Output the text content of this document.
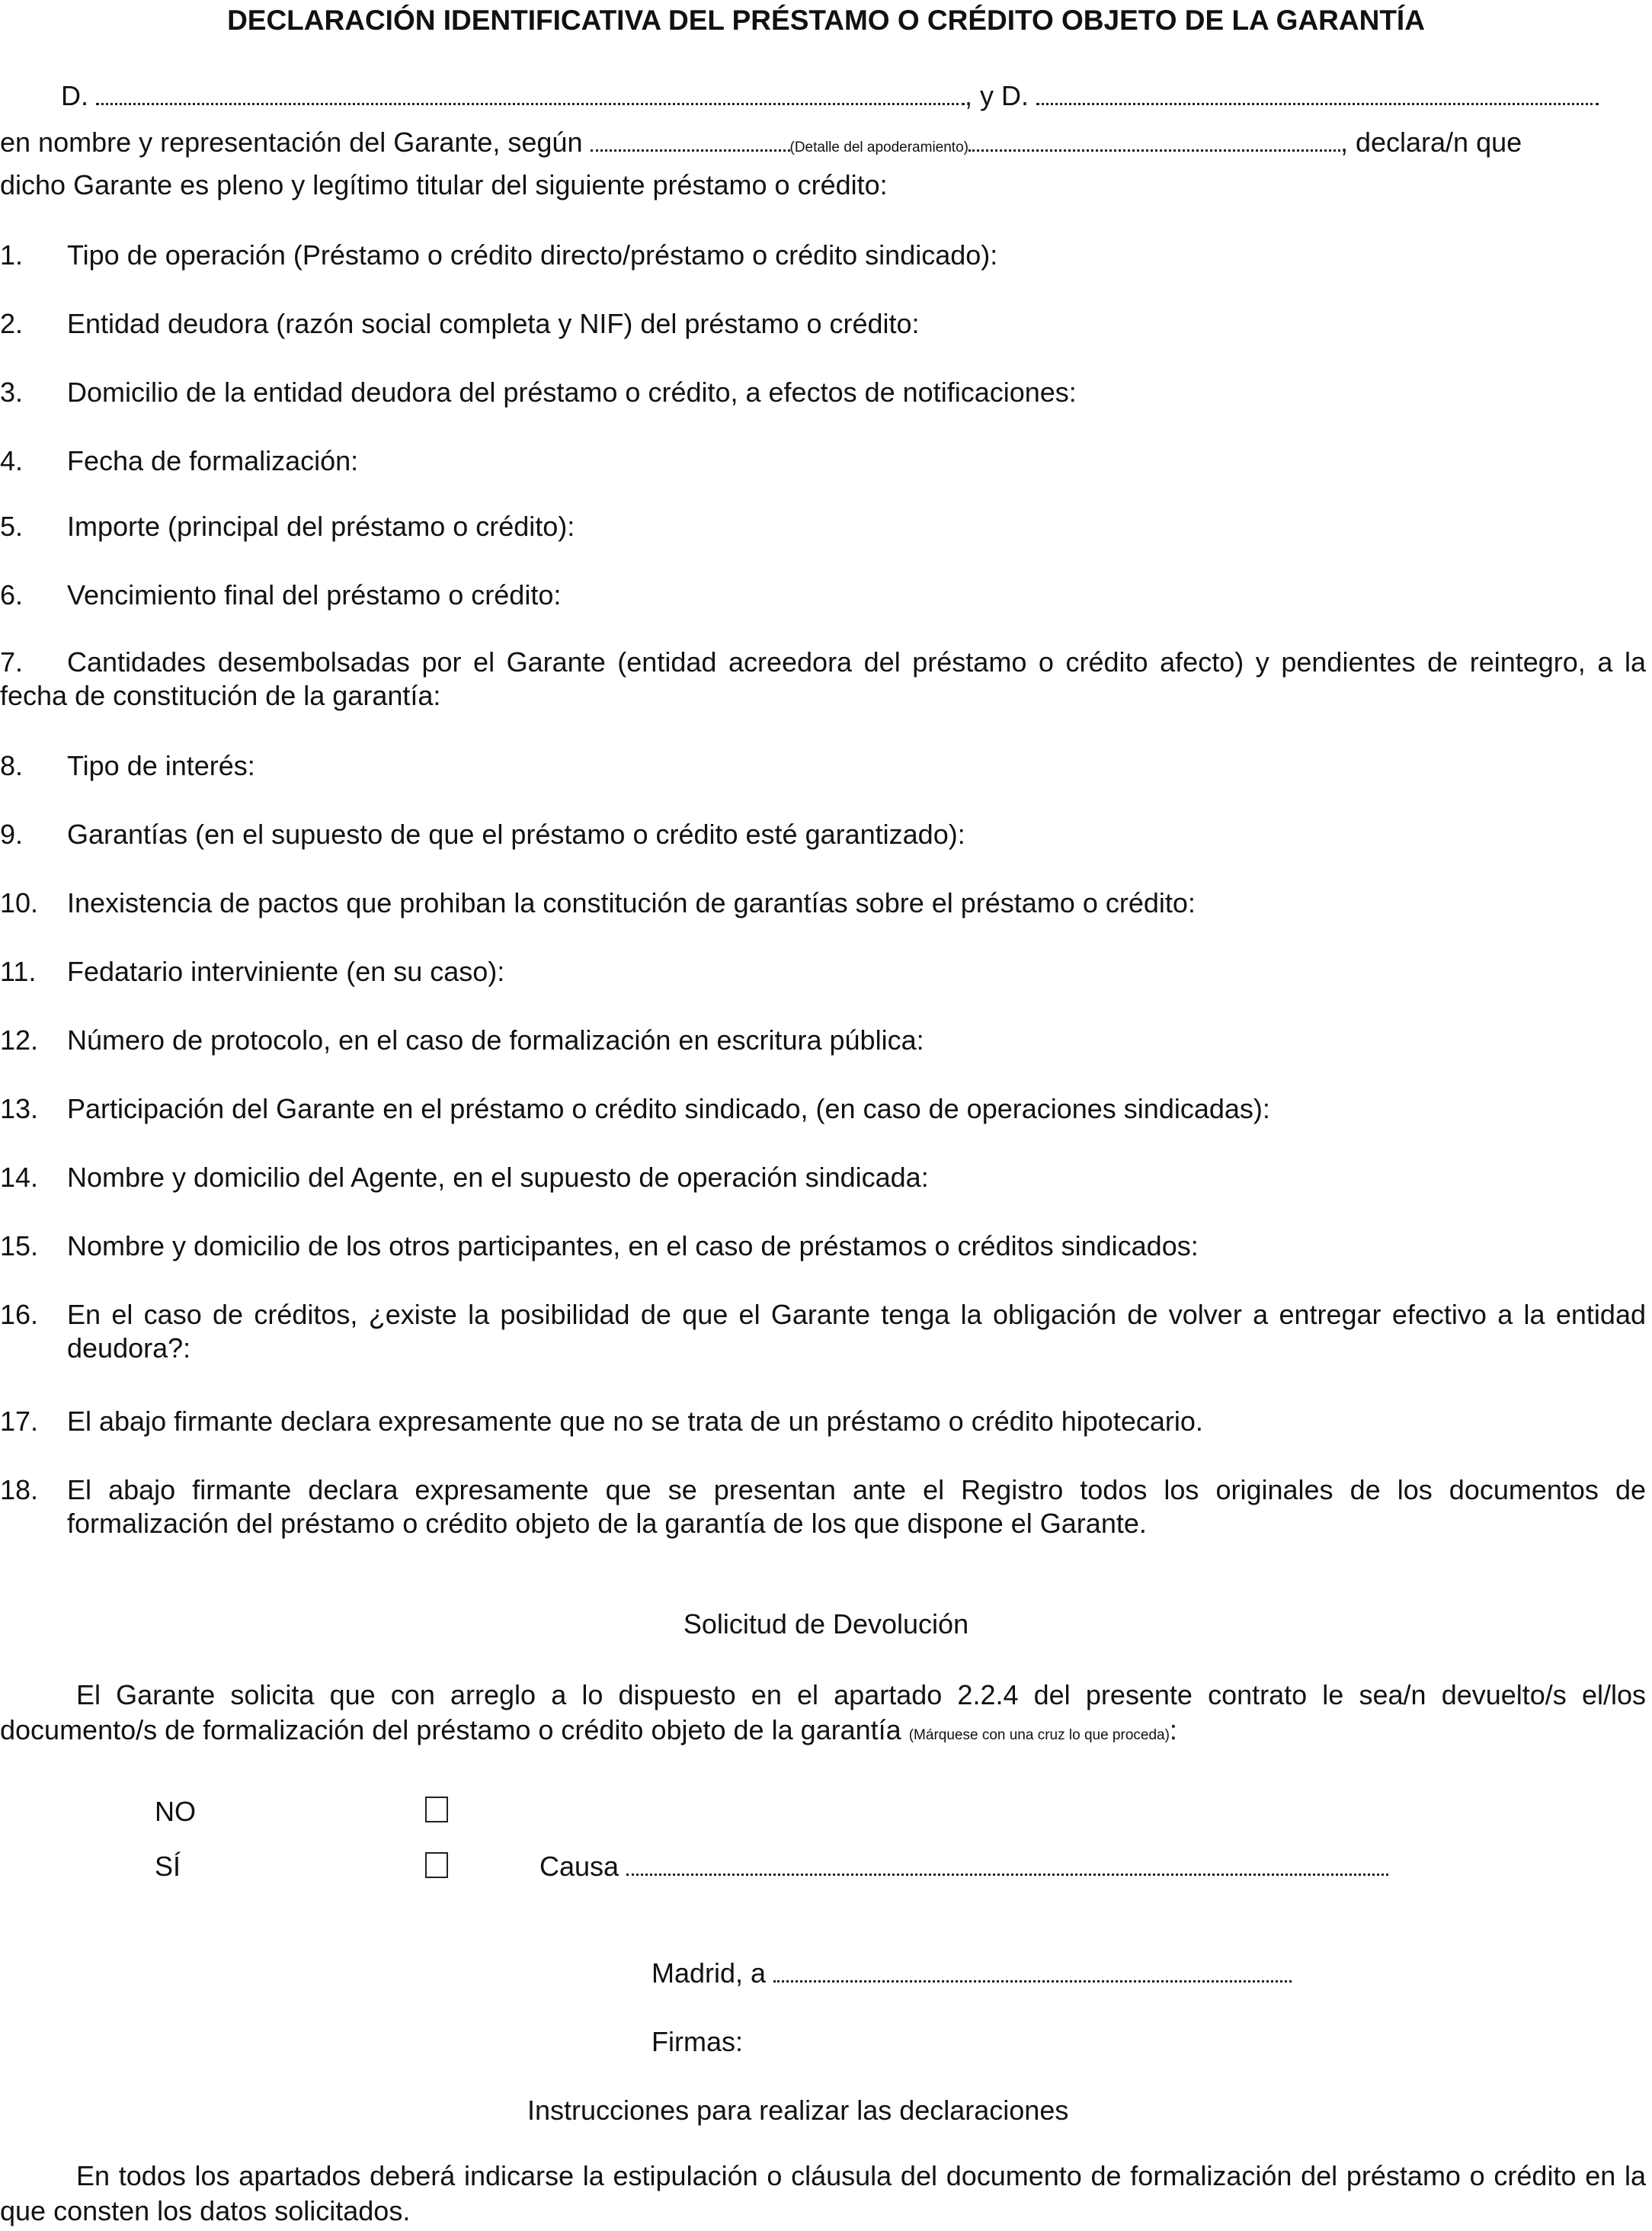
DECLARACIÓN IDENTIFICATIVA DEL PRÉSTAMO O CRÉDITO OBJETO DE LA GARANTÍA
D.	, y D.
en nombre y representación del Garante, según	(Detalle del apoderamiento)	, declara/n que
dicho Garante es pleno y legítimo titular del siguiente préstamo o crédito:
1.	Tipo de operación (Préstamo o crédito directo/préstamo o crédito sindicado):
2.	Entidad deudora (razón social completa y NIF) del préstamo o crédito:
3.	Domicilio de la entidad deudora del préstamo o crédito, a efectos de notificaciones:
4.	Fecha de formalización:
5.	Importe (principal del préstamo o crédito):
6.	Vencimiento final del préstamo o crédito:
7.	Cantidades desembolsadas por el Garante (entidad acreedora del préstamo o crédito afecto) y pendientes de reintegro, a la fecha de constitución de la garantía:
8.	Tipo de interés:
9.	Garantías (en el supuesto de que el préstamo o crédito esté garantizado):
10.	Inexistencia de pactos que prohiban la constitución de garantías sobre el préstamo o crédito:
11.	Fedatario interviniente (en su caso):
12.	Número de protocolo, en el caso de formalización en escritura pública:
13.	Participación del Garante en el préstamo o crédito sindicado, (en caso de operaciones sindicadas):
14.	Nombre y domicilio del Agente, en el supuesto de operación sindicada:
15.	Nombre y domicilio de los otros participantes, en el caso de préstamos o créditos sindicados:
16.	En el caso de créditos, ¿existe la posibilidad de que el Garante tenga la obligación de volver a entregar efectivo a la entidad deudora?:
17.	El abajo firmante declara expresamente que no se trata de un préstamo o crédito hipotecario.
18.	El abajo firmante declara expresamente que se presentan ante el Registro todos los originales de los documentos de formalización del préstamo o crédito objeto de la garantía de los que dispone el Garante.
Solicitud de Devolución
El Garante solicita que con arreglo a lo dispuesto en el apartado 2.2.4 del presente contrato le sea/n devuelto/s el/los documento/s de formalización del préstamo o crédito objeto de la garantía (Márquese con una cruz lo que proceda):
NO
SÍ	Causa
Madrid, a
Firmas:
Instrucciones para realizar las declaraciones
En todos los apartados deberá indicarse la estipulación o cláusula del documento de formalización del préstamo o crédito en la que consten los datos solicitados.
